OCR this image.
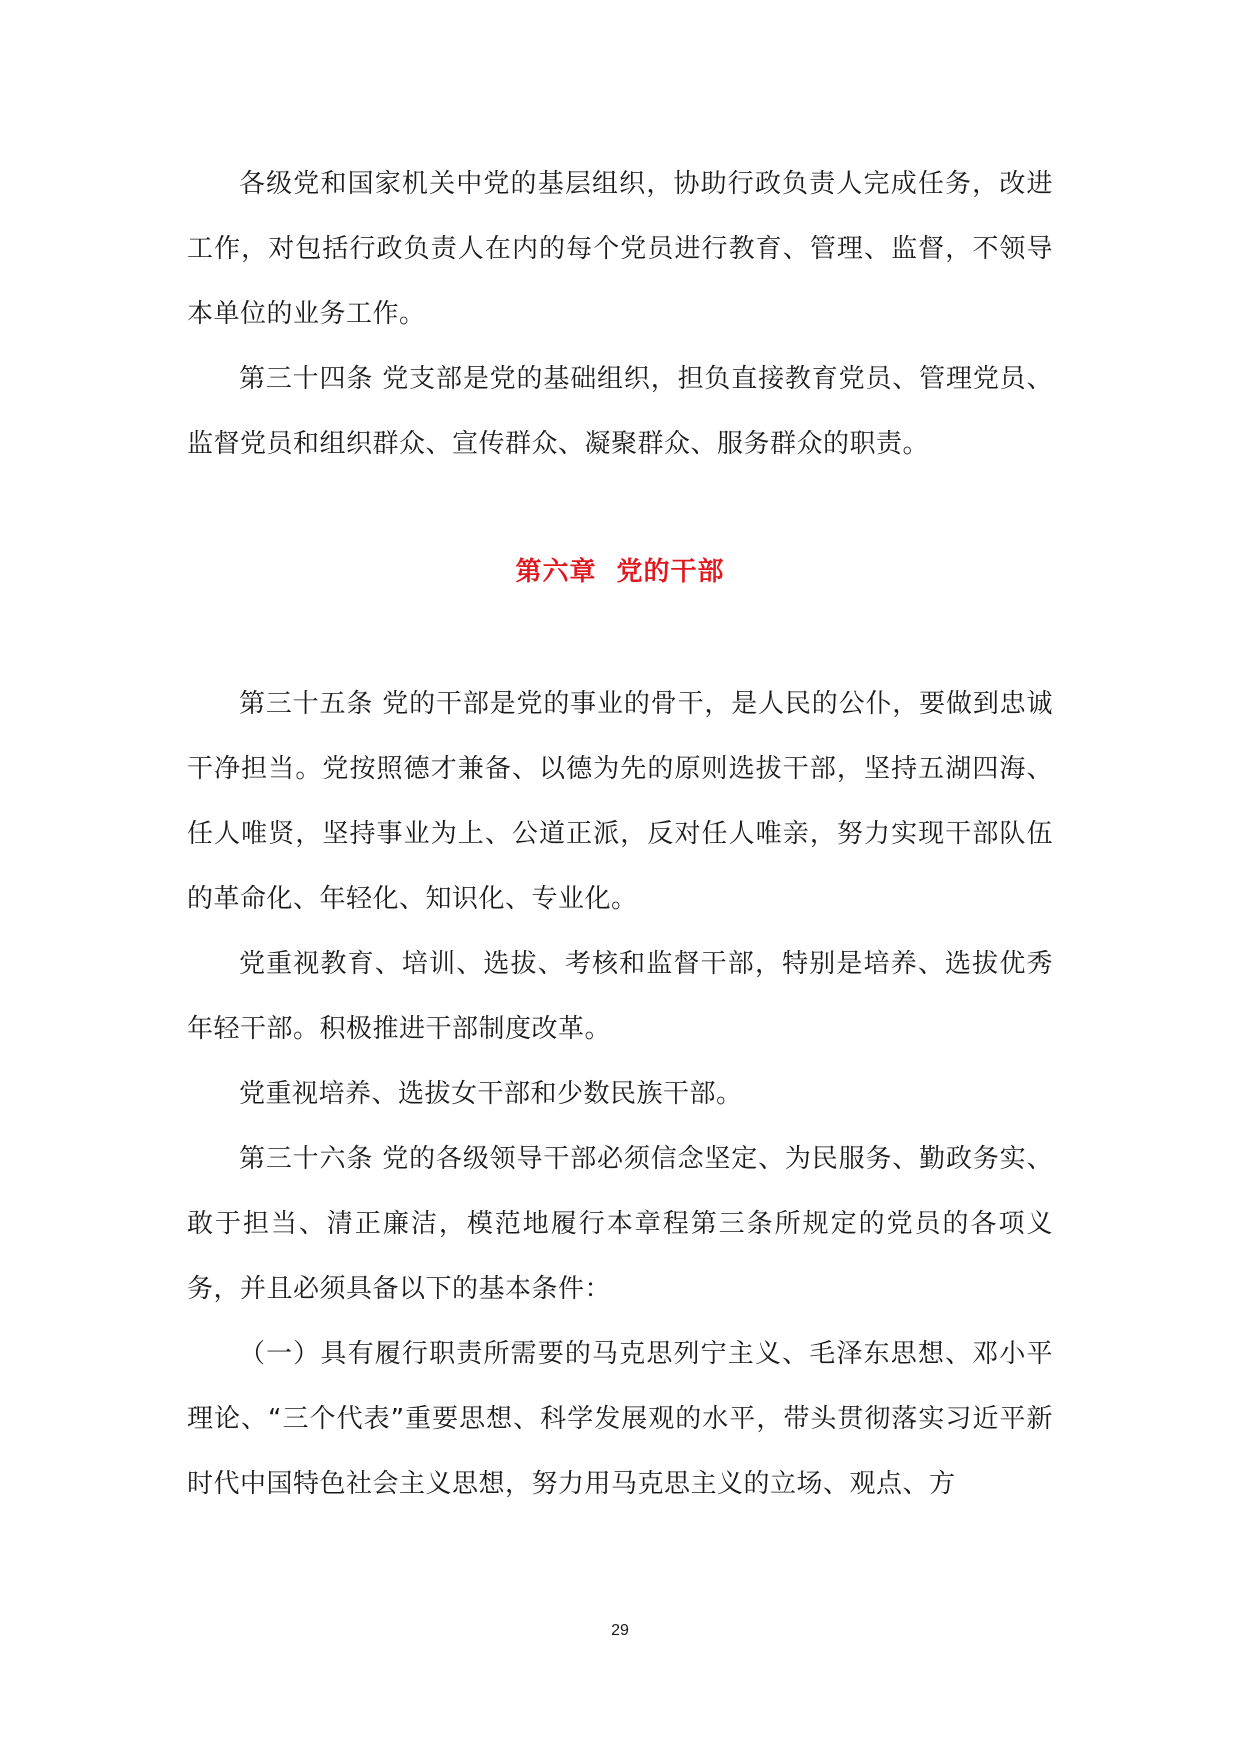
各级党和国家机关中党的基层组织，协助行政负责人完成任务，改进工作，对包括行政负责人在内的每个党员进行教育、管理、监督，不领导本单位的业务工作。

第三十四条 党支部是党的基础组织，担负直接教育党员、管理党员、监督党员和组织群众、宣传群众、凝聚群众、服务群众的职责。

第六章  党的干部

第三十五条 党的干部是党的事业的骨干，是人民的公仆，要做到忠诚干净担当。党按照德才兼备、以德为先的原则选拔干部，坚持五湖四海、任人唯贤，坚持事业为上、公道正派，反对任人唯亲，努力实现干部队伍的革命化、年轻化、知识化、专业化。

党重视教育、培训、选拔、考核和监督干部，特别是培养、选拔优秀年轻干部。积极推进干部制度改革。

党重视培养、选拔女干部和少数民族干部。

第三十六条 党的各级领导干部必须信念坚定、为民服务、勤政务实、敢于担当、清正廉洁，模范地履行本章程第三条所规定的党员的各项义务，并且必须具备以下的基本条件：

（一）具有履行职责所需要的马克思列宁主义、毛泽东思想、邓小平理论、“三个代表”重要思想、科学发展观的水平，带头贯彻落实习近平新时代中国特色社会主义思想，努力用马克思主义的立场、观点、方

29
